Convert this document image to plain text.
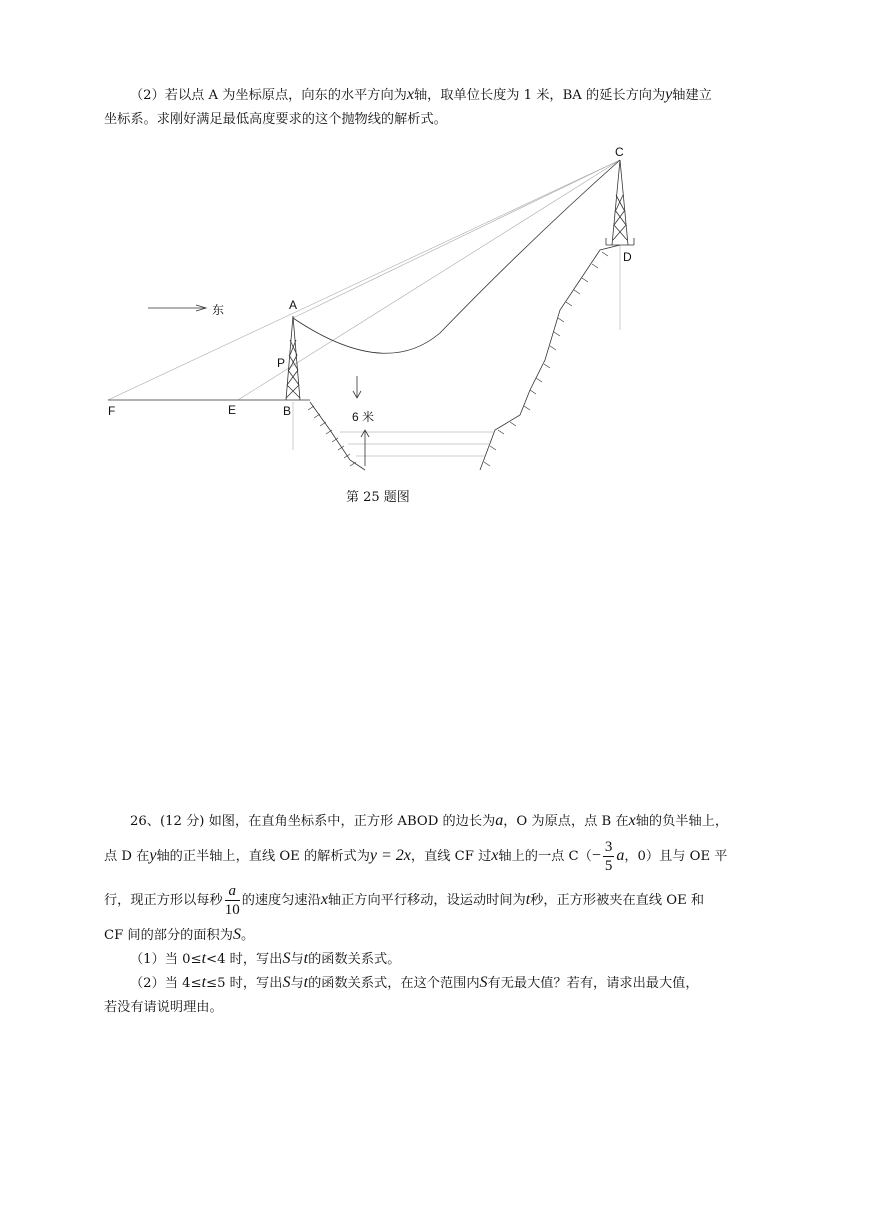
（2）若以点 A 为坐标原点，向东的水平方向为x轴，取单位长度为 1 米，BA 的延长方向为y轴建立
坐标系。求刚好满足最低高度要求的这个抛物线的解析式。
C
D
A
P
B
E
F
东
6 米
第 25 题图
26、(12 分) 如图，在直角坐标系中，正方形 ABOD 的边长为a，O 为原点，点 B 在x轴的负半轴上，
点 D 在y轴的正半轴上，直线 OE 的解析式为y = 2x，直线 CF 过x轴上的一点 $C(- \frac{3}{5}$ a，0）且与 OE 平
行，现正方形以每秒 $\frac{a}{10}$ 的速度匀速沿x轴正方向平行移动，设运动时间为t秒，正方形被夹在直线 OE 和
CF 间的部分的面积为S。
（1）当 0≤t<4 时，写出S与t的函数关系式。
（2）当 4≤t≤5 时，写出S与t的函数关系式，在这个范围内S有无最大值？若有，请求出最大值，
若没有请说明理由。
